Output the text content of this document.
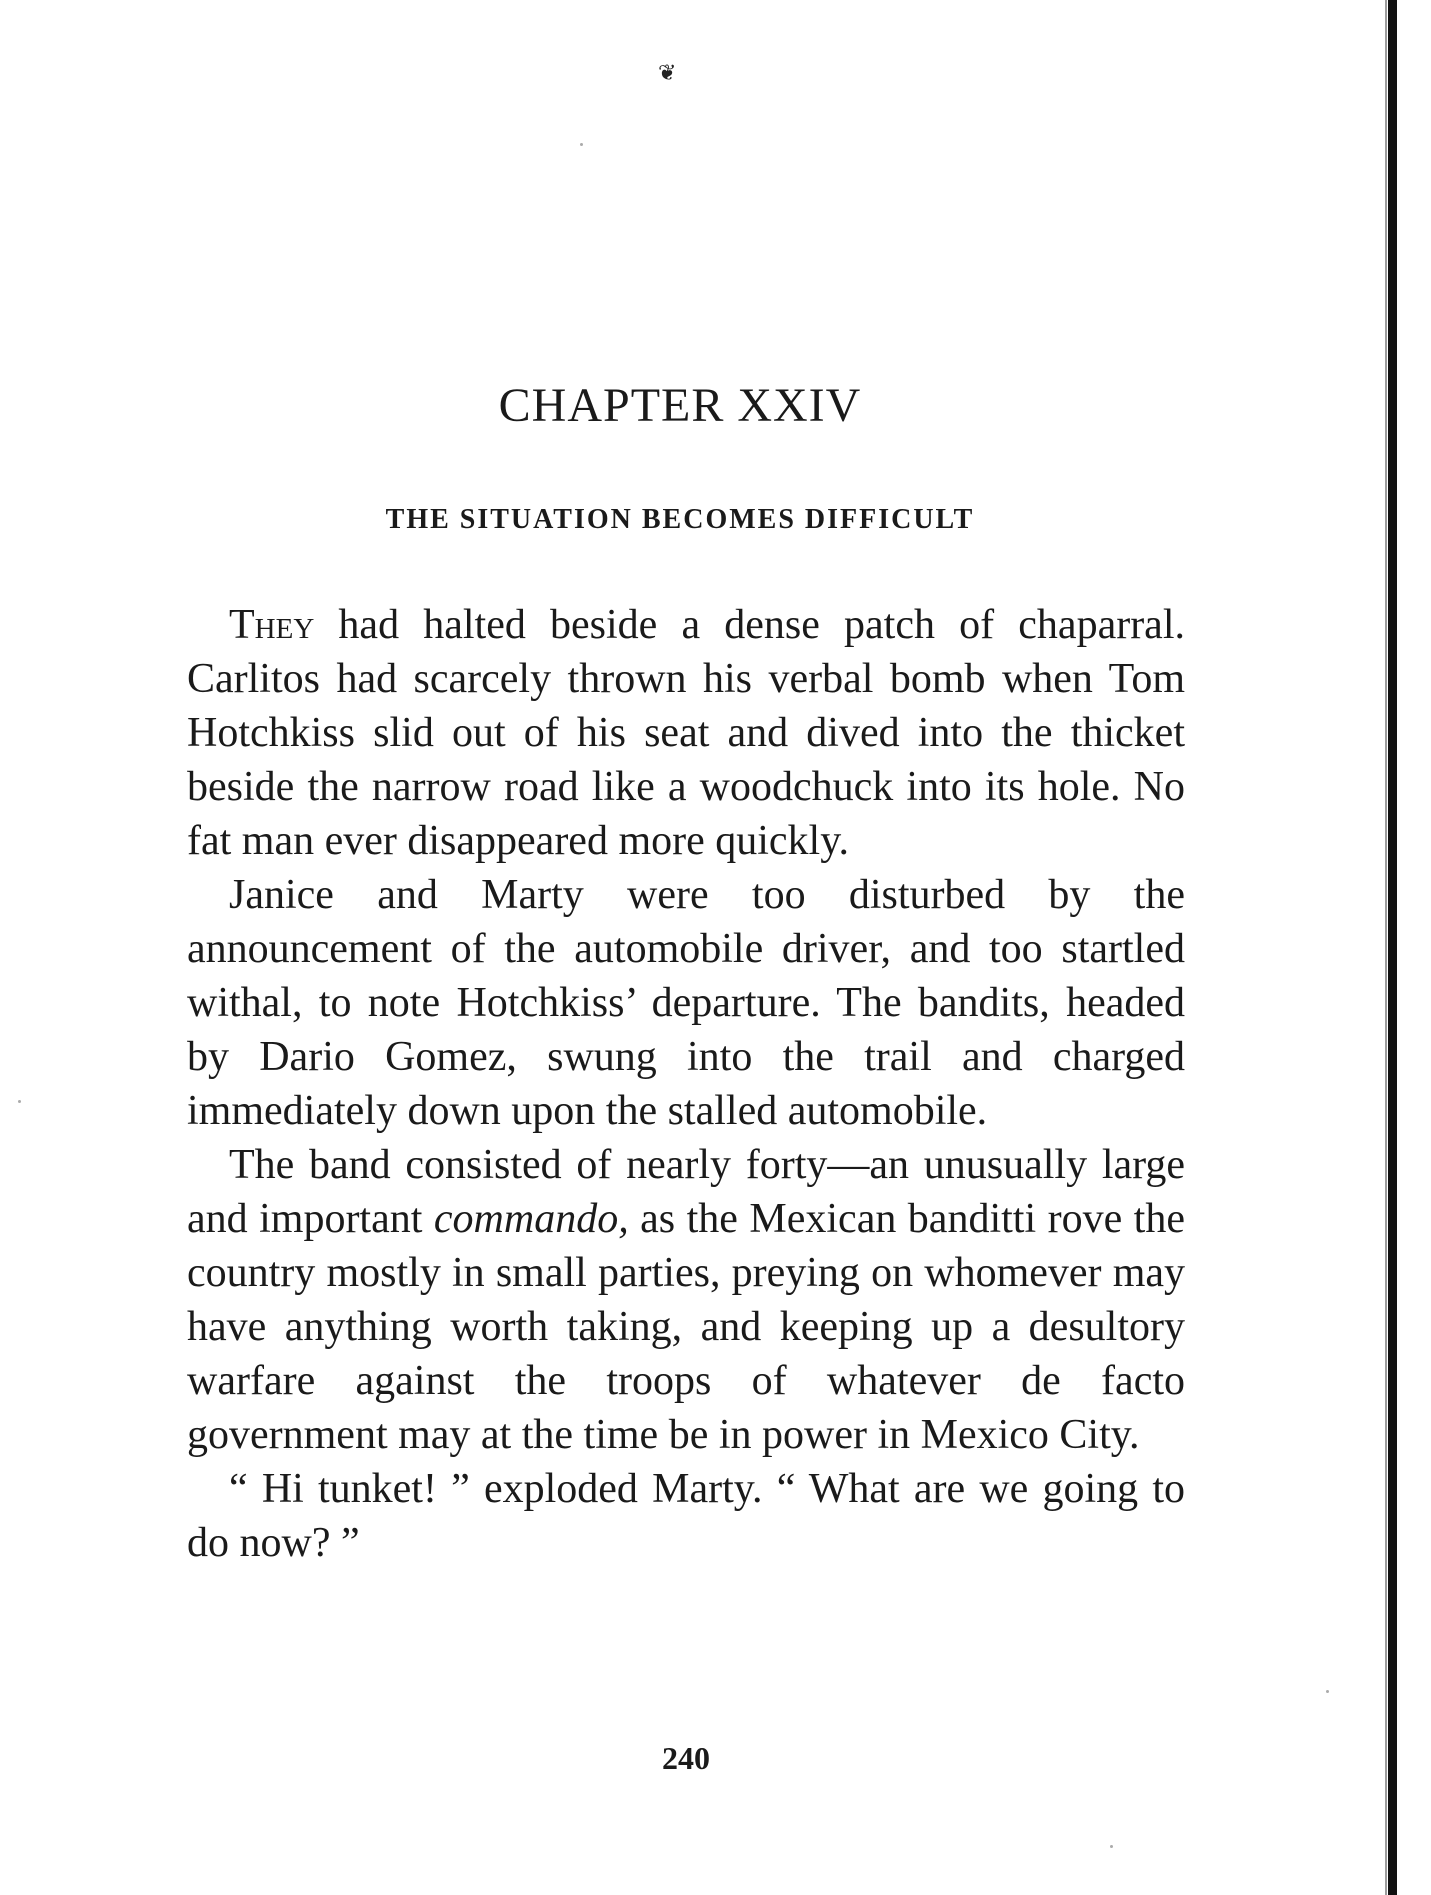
❦
CHAPTER XXIV
THE SITUATION BECOMES DIFFICULT

They had halted beside a dense patch of chaparral. Carlitos had scarcely thrown his verbal bomb when Tom Hotchkiss slid out of his seat and dived into the thicket beside the narrow road like a woodchuck into its hole. No fat man ever disappeared more quickly.

Janice and Marty were too disturbed by the announcement of the automobile driver, and too startled withal, to note Hotchkiss’ departure. The bandits, headed by Dario Gomez, swung into the trail and charged immediately down upon the stalled automobile.

The band consisted of nearly forty—an unusually large and important commando, as the Mexican banditti rove the country mostly in small parties, preying on whomever may have anything worth taking, and keeping up a desultory warfare against the troops of whatever de facto government may at the time be in power in Mexico City.

“ Hi tunket! ” exploded Marty. “ What are we going to do now? ”

240
